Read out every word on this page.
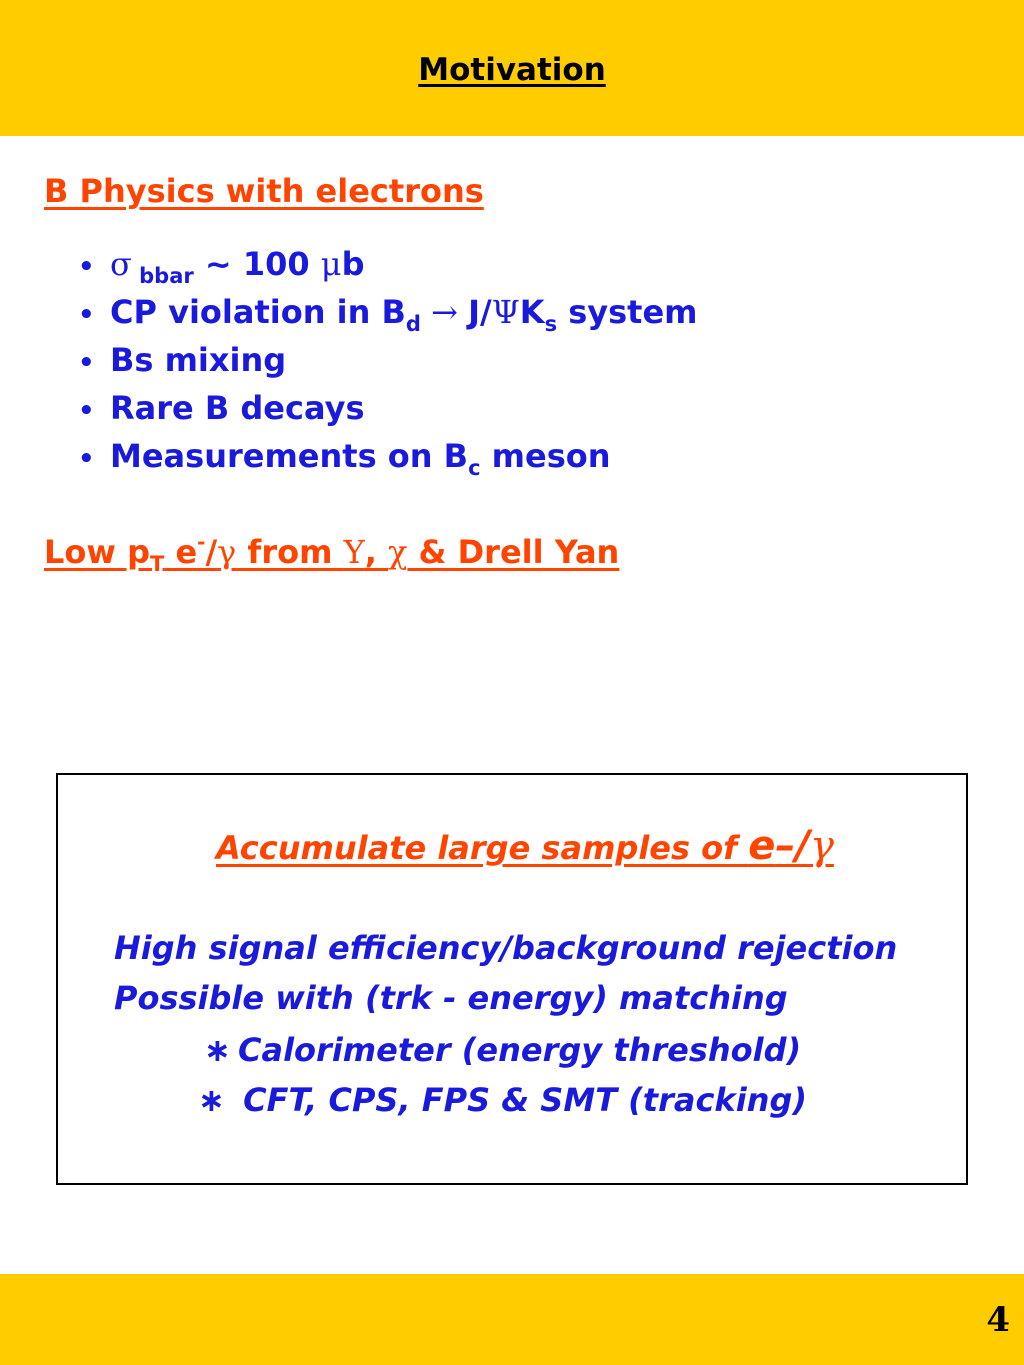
Motivation
B Physics with electrons
• σ $_{bbar}$ ~ 100 μb
• CP violation in $B_d \to J/\Psi K_s$ system
• Bs mixing
• Rare B decays
• Measurements on $B_c$ meson
Low $p_T$ e-/γ from Υ, χ & Drell Yan
Accumulate large samples of e–/γ
High signal efficiency/background rejection
Possible with (trk - energy) matching
∗ Calorimeter (energy threshold)
∗ CFT, CPS, FPS & SMT (tracking)
4
